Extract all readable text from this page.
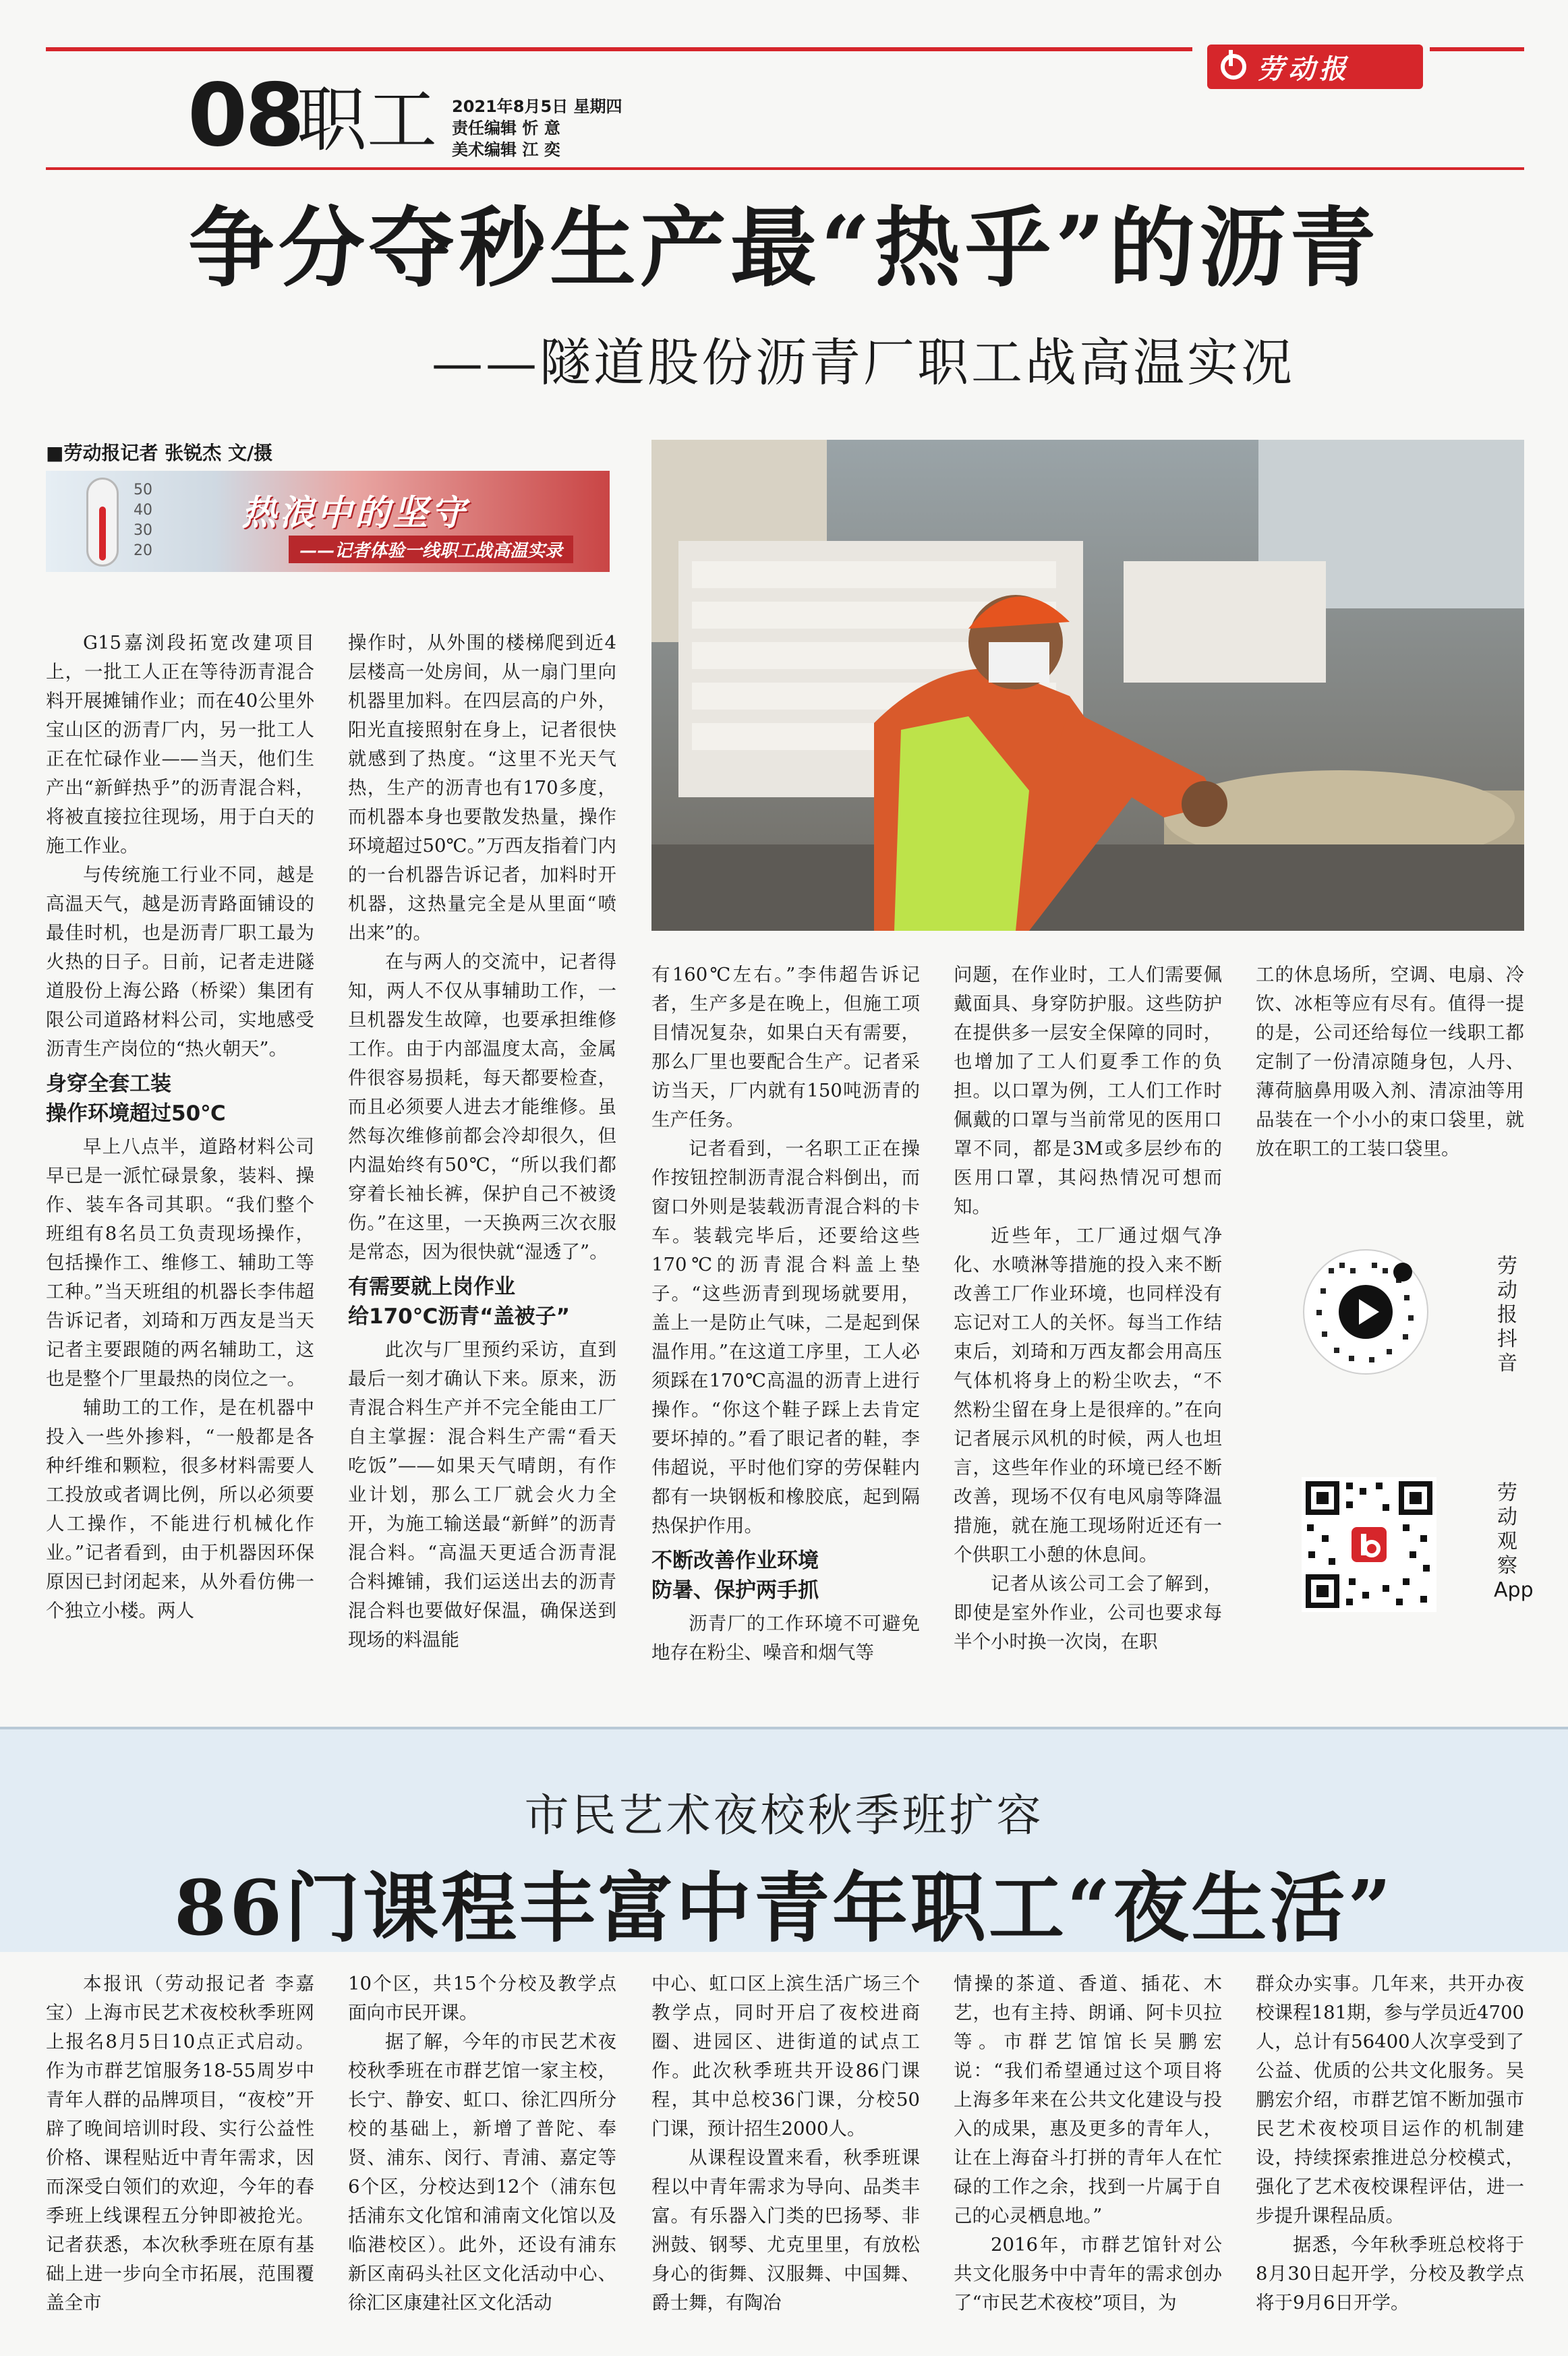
08
职工 2021年8月5日 星期四
责任编辑 忻 意
美术编辑 江 奕
劳动报
争分夺秒生产最“热乎”的沥青
——隧道股份沥青厂职工战高温实况
■劳动报记者 张锐杰 文/摄
50
40
30
20
热浪中的坚守
——记者体验一线职工战高温实录

G15嘉浏段拓宽改建项目上，一批工人正在等待沥青混合料开展摊铺作业；而在40公里外宝山区的沥青厂内，另一批工人正在忙碌作业——当天，他们生产出“新鲜热乎”的沥青混合料，将被直接拉往现场，用于白天的施工作业。

与传统施工行业不同，越是高温天气，越是沥青路面铺设的最佳时机，也是沥青厂职工最为火热的日子。日前，记者走进隧道股份上海公路（桥梁）集团有限公司道路材料公司，实地感受沥青生产岗位的“热火朝天”。

身穿全套工装
操作环境超过50℃

早上八点半，道路材料公司早已是一派忙碌景象，装料、操作、装车各司其职。“我们整个班组有8名员工负责现场操作，包括操作工、维修工、辅助工等工种。”当天班组的机器长李伟超告诉记者，刘琦和万西友是当天记者主要跟随的两名辅助工，这也是整个厂里最热的岗位之一。

辅助工的工作，是在机器中投入一些外掺料，“一般都是各种纤维和颗粒，很多材料需要人工投放或者调比例，所以必须要人工操作，不能进行机械化作业。”记者看到，由于机器因环保原因已封闭起来，从外看仿佛一个独立小楼。两人

操作时，从外围的楼梯爬到近4层楼高一处房间，从一扇门里向机器里加料。在四层高的户外，阳光直接照射在身上，记者很快就感到了热度。“这里不光天气热，生产的沥青也有170多度，而机器本身也要散发热量，操作环境超过50℃。”万西友指着门内的一台机器告诉记者，加料时开机器，这热量完全是从里面“喷出来”的。

在与两人的交流中，记者得知，两人不仅从事辅助工作，一旦机器发生故障，也要承担维修工作。由于内部温度太高，金属件很容易损耗，每天都要检查，而且必须要人进去才能维修。虽然每次维修前都会冷却很久，但内温始终有50℃，“所以我们都穿着长袖长裤，保护自己不被烫伤。”在这里，一天换两三次衣服是常态，因为很快就“湿透了”。

有需要就上岗作业
给170℃沥青“盖被子”

此次与厂里预约采访，直到最后一刻才确认下来。原来，沥青混合料生产并不完全能由工厂自主掌握：混合料生产需“看天吃饭”——如果天气晴朗，有作业计划，那么工厂就会火力全开，为施工输送最“新鲜”的沥青混合料。“高温天更适合沥青混合料摊铺，我们运送出去的沥青混合料也要做好保温，确保送到现场的料温能

有160℃左右。”李伟超告诉记者，生产多是在晚上，但施工项目情况复杂，如果白天有需要，那么厂里也要配合生产。记者采访当天，厂内就有150吨沥青的生产任务。

记者看到，一名职工正在操作按钮控制沥青混合料倒出，而窗口外则是装载沥青混合料的卡车。装载完毕后，还要给这些170℃的沥青混合料盖上垫子。“这些沥青到现场就要用，盖上一是防止气味，二是起到保温作用。”在这道工序里，工人必须踩在170℃高温的沥青上进行操作。“你这个鞋子踩上去肯定要坏掉的。”看了眼记者的鞋，李伟超说，平时他们穿的劳保鞋内都有一块钢板和橡胶底，起到隔热保护作用。

不断改善作业环境
防暑、保护两手抓

沥青厂的工作环境不可避免地存在粉尘、噪音和烟气等

问题，在作业时，工人们需要佩戴面具、身穿防护服。这些防护在提供多一层安全保障的同时，也增加了工人们夏季工作的负担。以口罩为例，工人们工作时佩戴的口罩与当前常见的医用口罩不同，都是3M或多层纱布的医用口罩，其闷热情况可想而知。

近些年，工厂通过烟气净化、水喷淋等措施的投入来不断改善工厂作业环境，也同样没有忘记对工人的关怀。每当工作结束后，刘琦和万西友都会用高压气体机将身上的粉尘吹去，“不然粉尘留在身上是很痒的。”在向记者展示风机的时候，两人也坦言，这些年作业的环境已经不断改善，现场不仅有电风扇等降温措施，就在施工现场附近还有一个供职工小憩的休息间。

记者从该公司工会了解到，即使是室外作业，公司也要求每半个小时换一次岗，在职

工的休息场所，空调、电扇、冷饮、冰柜等应有尽有。值得一提的是，公司还给每位一线职工都定制了一份清凉随身包，人丹、薄荷脑鼻用吸入剂、清凉油等用品装在一个小小的束口袋里，就放在职工的工装口袋里。

劳动报抖音
劳动观察App
市民艺术夜校秋季班扩容
86门课程丰富中青年职工“夜生活”

本报讯（劳动报记者 李嘉宝）上海市民艺术夜校秋季班网上报名8月5日10点正式启动。作为市群艺馆服务18-55周岁中青年人群的品牌项目，“夜校”开辟了晚间培训时段、实行公益性价格、课程贴近中青年需求，因而深受白领们的欢迎，今年的春季班上线课程五分钟即被抢光。记者获悉，本次秋季班在原有基础上进一步向全市拓展，范围覆盖全市

10个区，共15个分校及教学点面向市民开课。

据了解，今年的市民艺术夜校秋季班在市群艺馆一家主校，长宁、静安、虹口、徐汇四所分校的基础上，新增了普陀、奉贤、浦东、闵行、青浦、嘉定等6个区，分校达到12个（浦东包括浦东文化馆和浦南文化馆以及临港校区）。此外，还设有浦东新区南码头社区文化活动中心、徐汇区康建社区文化活动

中心、虹口区上滨生活广场三个教学点，同时开启了夜校进商圈、进园区、进街道的试点工作。此次秋季班共开设86门课程，其中总校36门课，分校50门课，预计招生2000人。

从课程设置来看，秋季班课程以中青年需求为导向、品类丰富。有乐器入门类的巴扬琴、非洲鼓、钢琴、尤克里里，有放松身心的街舞、汉服舞、中国舞、爵士舞，有陶冶

情操的茶道、香道、插花、木艺，也有主持、朗诵、阿卡贝拉等。市群艺馆馆长吴鹏宏说：“我们希望通过这个项目将上海多年来在公共文化建设与投入的成果，惠及更多的青年人，让在上海奋斗打拼的青年人在忙碌的工作之余，找到一片属于自己的心灵栖息地。”

2016年，市群艺馆针对公共文化服务中中青年的需求创办了“市民艺术夜校”项目，为

群众办实事。几年来，共开办夜校课程181期，参与学员近4700人，总计有56400人次享受到了公益、优质的公共文化服务。吴鹏宏介绍，市群艺馆不断加强市民艺术夜校项目运作的机制建设，持续探索推进总分校模式，强化了艺术夜校课程评估，进一步提升课程品质。

据悉，今年秋季班总校将于8月30日起开学，分校及教学点将于9月6日开学。
